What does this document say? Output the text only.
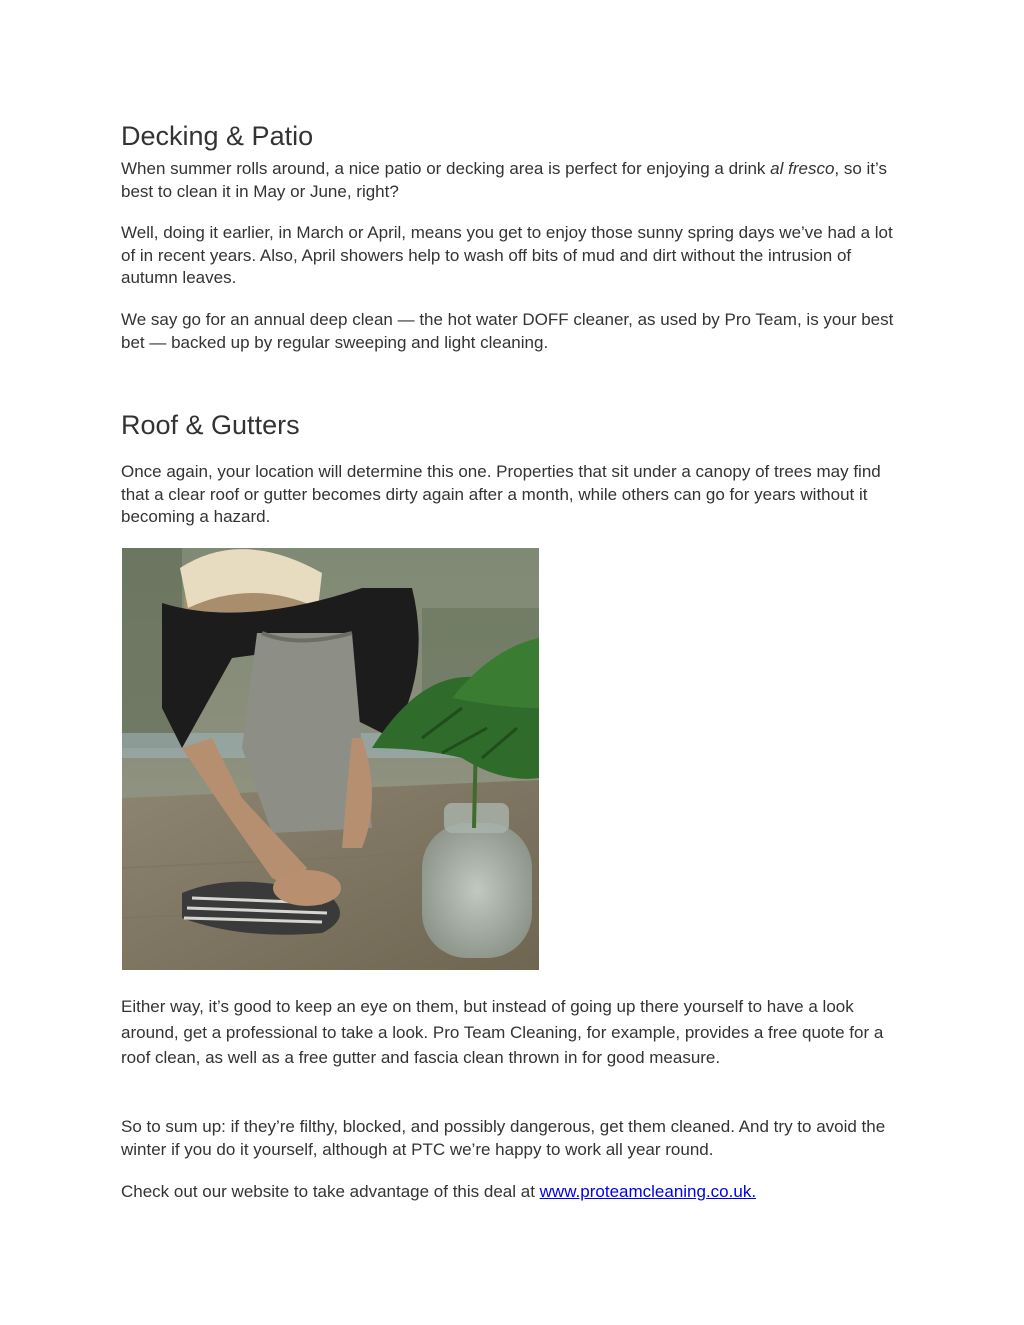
Decking & Patio

When summer rolls around, a nice patio or decking area is perfect for enjoying a drink al fresco, so it’s best to clean it in May or June, right?

Well, doing it earlier, in March or April, means you get to enjoy those sunny spring days we’ve had a lot of in recent years. Also, April showers help to wash off bits of mud and dirt without the intrusion of autumn leaves.

We say go for an annual deep clean — the hot water DOFF cleaner, as used by Pro Team, is your best bet — backed up by regular sweeping and light cleaning.

Roof & Gutters

Once again, your location will determine this one. Properties that sit under a canopy of trees may find that a clear roof or gutter becomes dirty again after a month, while others can go for years without it becoming a hazard.

Either way, it’s good to keep an eye on them, but instead of going up there yourself to have a look around, get a professional to take a look. Pro Team Cleaning, for example, provides a free quote for a roof clean, as well as a free gutter and fascia clean thrown in for good measure.

So to sum up: if they’re filthy, blocked, and possibly dangerous, get them cleaned. And try to avoid the winter if you do it yourself, although at PTC we’re happy to work all year round.

Check out our website to take advantage of this deal at www.proteamcleaning.co.uk.
